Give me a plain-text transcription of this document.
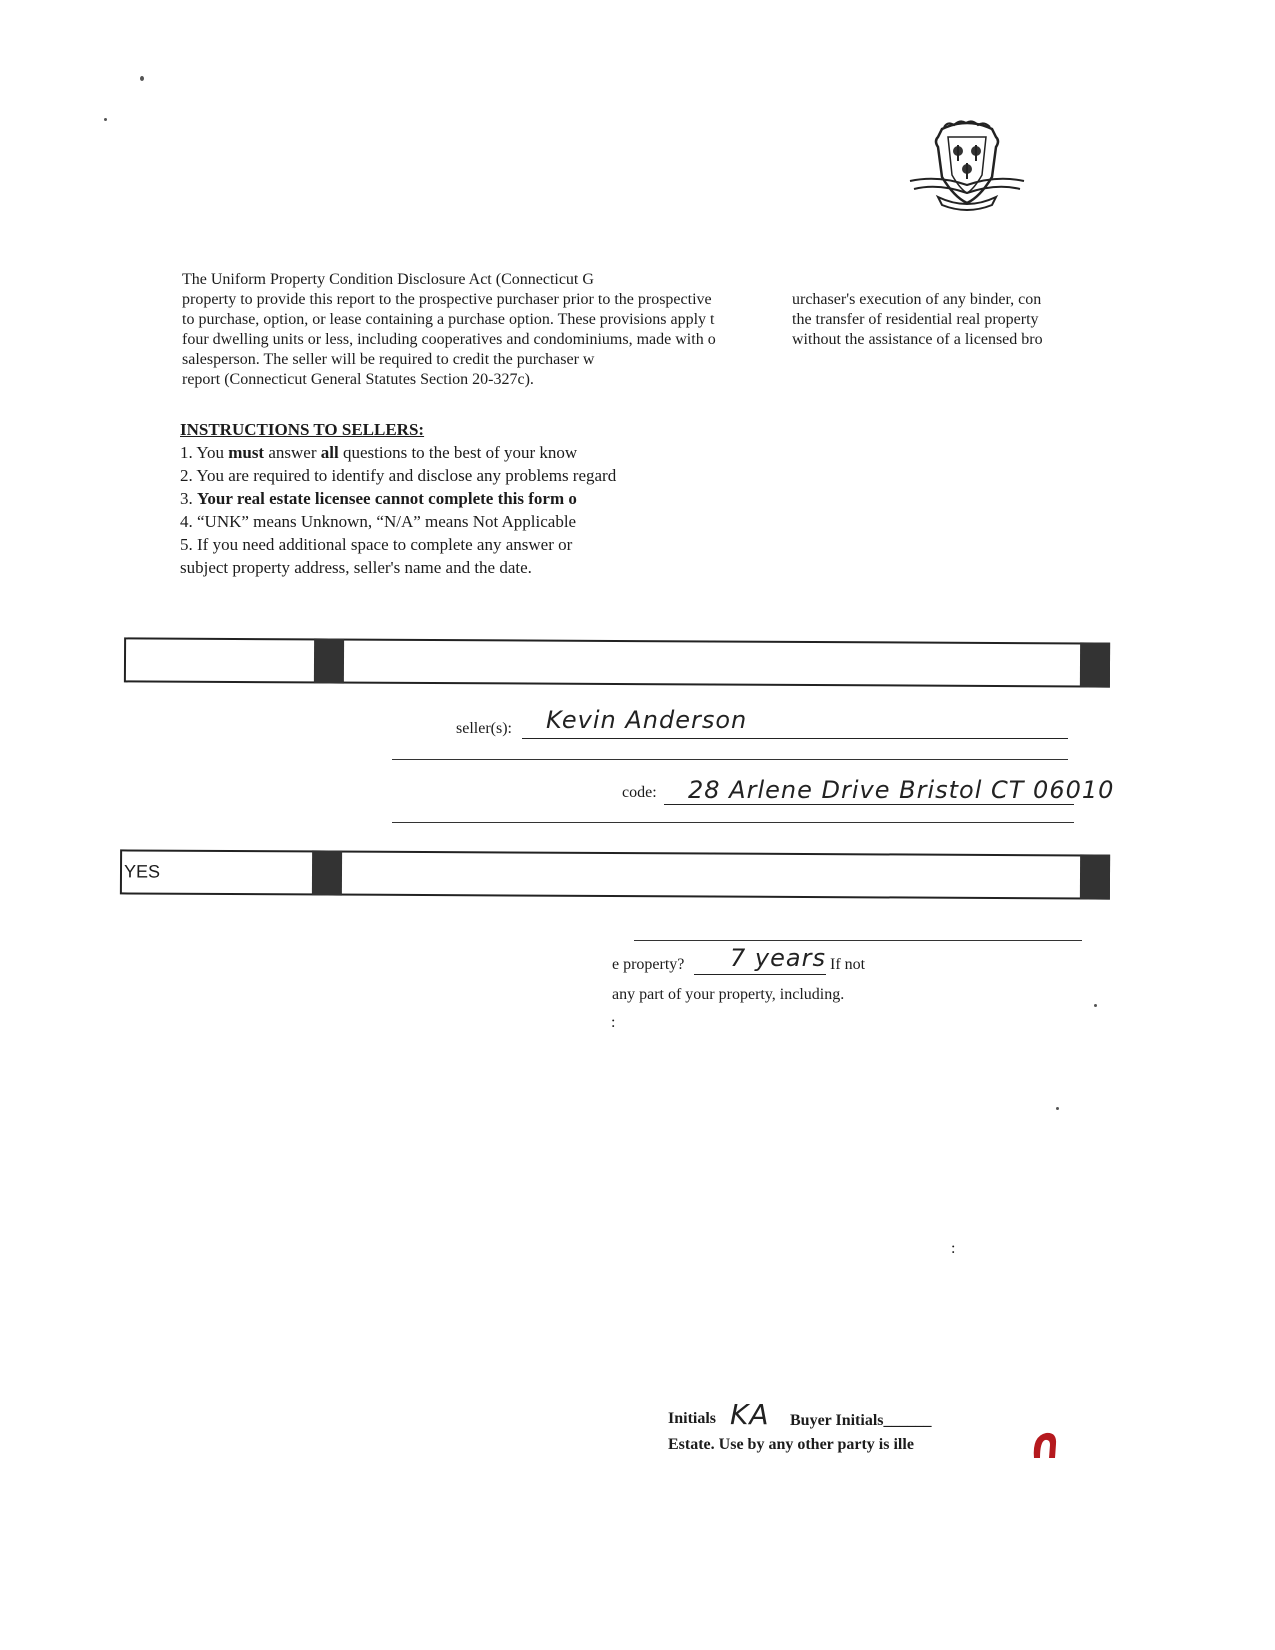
The Uniform Property Condition Disclosure Act (Connecticut G
property to provide this report to the prospective purchaser prior to the prospective	urchaser's execution of any binder, con
to purchase, option, or lease containing a purchase option. These provisions apply t	the transfer of residential real property
four dwelling units or less, including cooperatives and condominiums, made with o	without the assistance of a licensed bro
salesperson. The seller will be required to credit the purchaser w
report (Connecticut General Statutes Section 20-327c).
INSTRUCTIONS TO SELLERS:
1. You must answer all questions to the best of your know
2. You are required to identify and disclose any problems regard
3. Your real estate licensee cannot complete this form o
4. “UNK” means Unknown, “N/A” means Not Applicable
5. If you need additional space to complete any answer or
subject property address, seller's name and the date.
seller(s): Kevin Anderson
code: 28 Arlene Drive Bristol CT 06010
YES
e property? 7 years If not
any part of your property, including.
:
:
Initials KA Buyer Initials______
Estate. Use by any other party is ille
